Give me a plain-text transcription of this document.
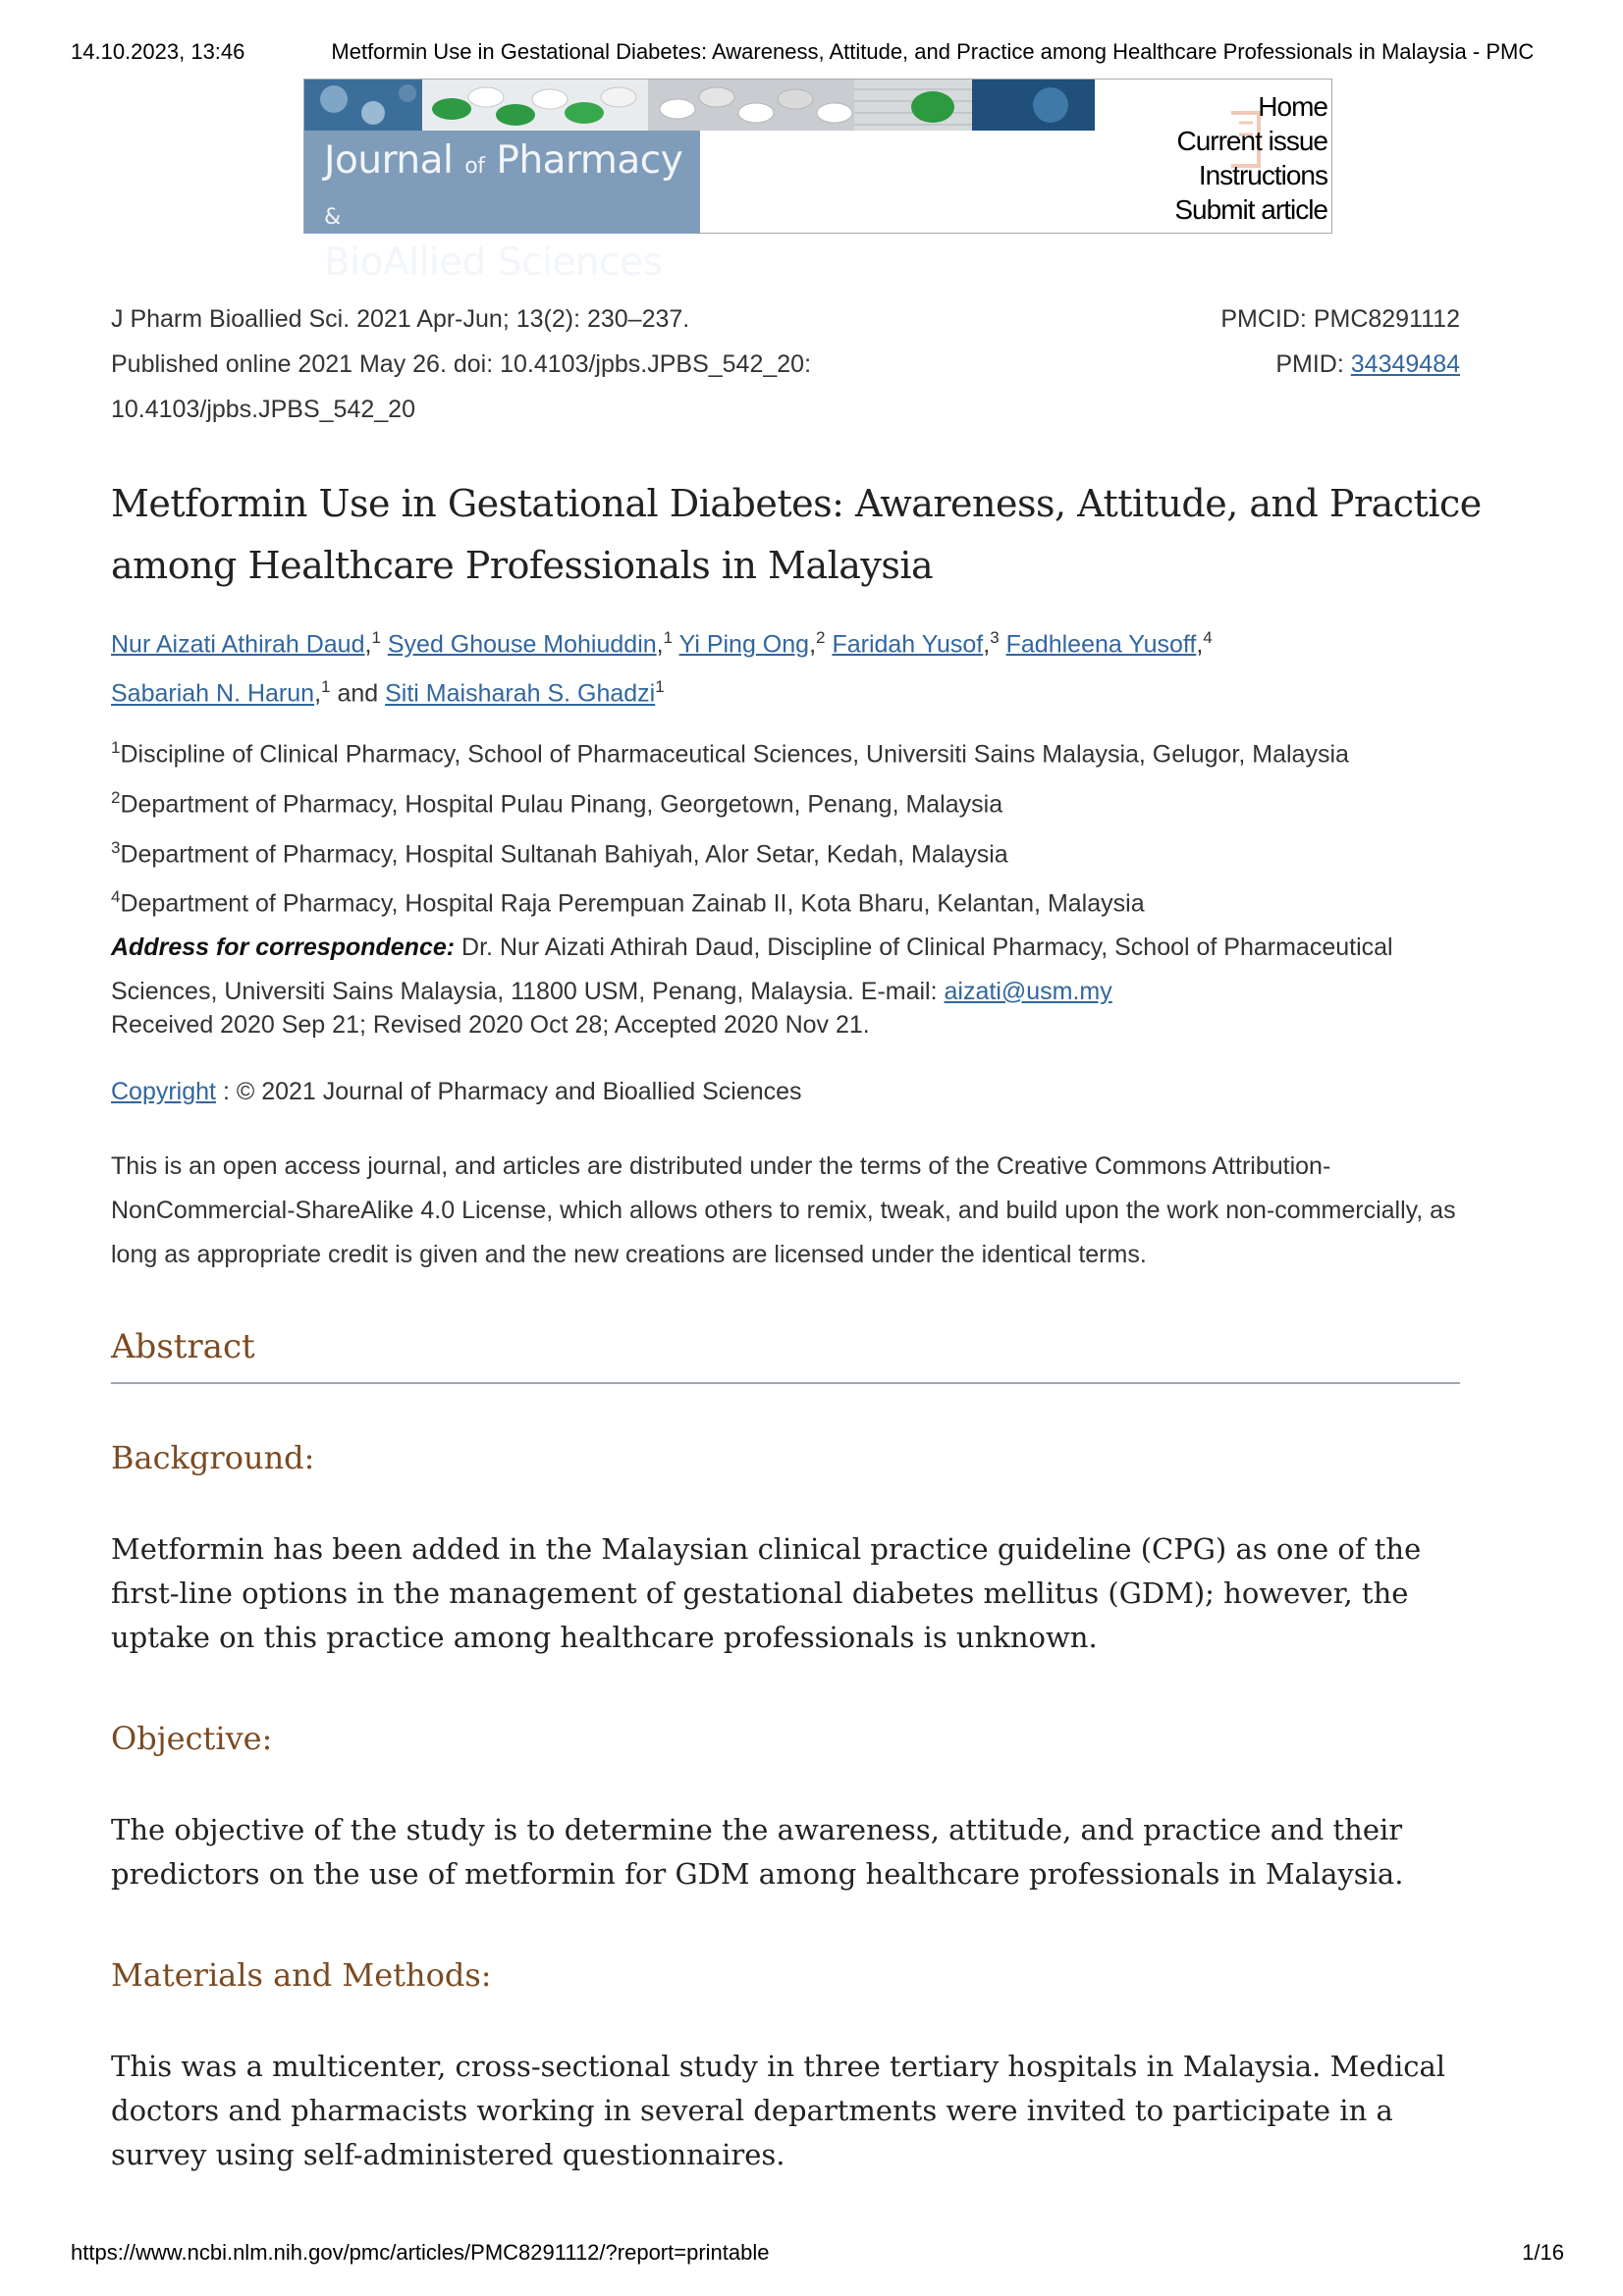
14.10.2023, 13:46	Metformin Use in Gestational Diabetes: Awareness, Attitude, and Practice among Healthcare Professionals in Malaysia - PMC
Journal of Pharmacy &
BioAllied Sciences
Home
Current issue
Instructions
Submit article
J Pharm Bioallied Sci. 2021 Apr-Jun; 13(2): 230–237.	PMCID: PMC8291112
Published online 2021 May 26. doi: 10.4103/jpbs.JPBS_542_20:	PMID: 34349484
10.4103/jpbs.JPBS_542_20
Metformin Use in Gestational Diabetes: Awareness, Attitude, and Practice among Healthcare Professionals in Malaysia
Nur Aizati Athirah Daud,$^1$ Syed Ghouse Mohiuddin,$^1$ Yi Ping Ong,$^2$ Faridah Yusof,$^3$ Fadhleena Yusoff,$^4$
Sabariah N. Harun,$^1$ and Siti Maisharah S. Ghadzi$^1$
$^1$Discipline of Clinical Pharmacy, School of Pharmaceutical Sciences, Universiti Sains Malaysia, Gelugor, Malaysia
$^2$Department of Pharmacy, Hospital Pulau Pinang, Georgetown, Penang, Malaysia
$^3$Department of Pharmacy, Hospital Sultanah Bahiyah, Alor Setar, Kedah, Malaysia
$^4$Department of Pharmacy, Hospital Raja Perempuan Zainab II, Kota Bharu, Kelantan, Malaysia
Address for correspondence: Dr. Nur Aizati Athirah Daud, Discipline of Clinical Pharmacy, School of Pharmaceutical Sciences, Universiti Sains Malaysia, 11800 USM, Penang, Malaysia. E-mail: aizati@usm.my
Received 2020 Sep 21; Revised 2020 Oct 28; Accepted 2020 Nov 21.
Copyright : © 2021 Journal of Pharmacy and Bioallied Sciences
This is an open access journal, and articles are distributed under the terms of the Creative Commons Attribution-NonCommercial-ShareAlike 4.0 License, which allows others to remix, tweak, and build upon the work non-commercially, as long as appropriate credit is given and the new creations are licensed under the identical terms.
Abstract
Background:
Metformin has been added in the Malaysian clinical practice guideline (CPG) as one of the first-line options in the management of gestational diabetes mellitus (GDM); however, the uptake on this practice among healthcare professionals is unknown.
Objective:
The objective of the study is to determine the awareness, attitude, and practice and their predictors on the use of metformin for GDM among healthcare professionals in Malaysia.
Materials and Methods:
This was a multicenter, cross-sectional study in three tertiary hospitals in Malaysia. Medical doctors and pharmacists working in several departments were invited to participate in a survey using self-administered questionnaires.
https://www.ncbi.nlm.nih.gov/pmc/articles/PMC8291112/?report=printable	1/16
